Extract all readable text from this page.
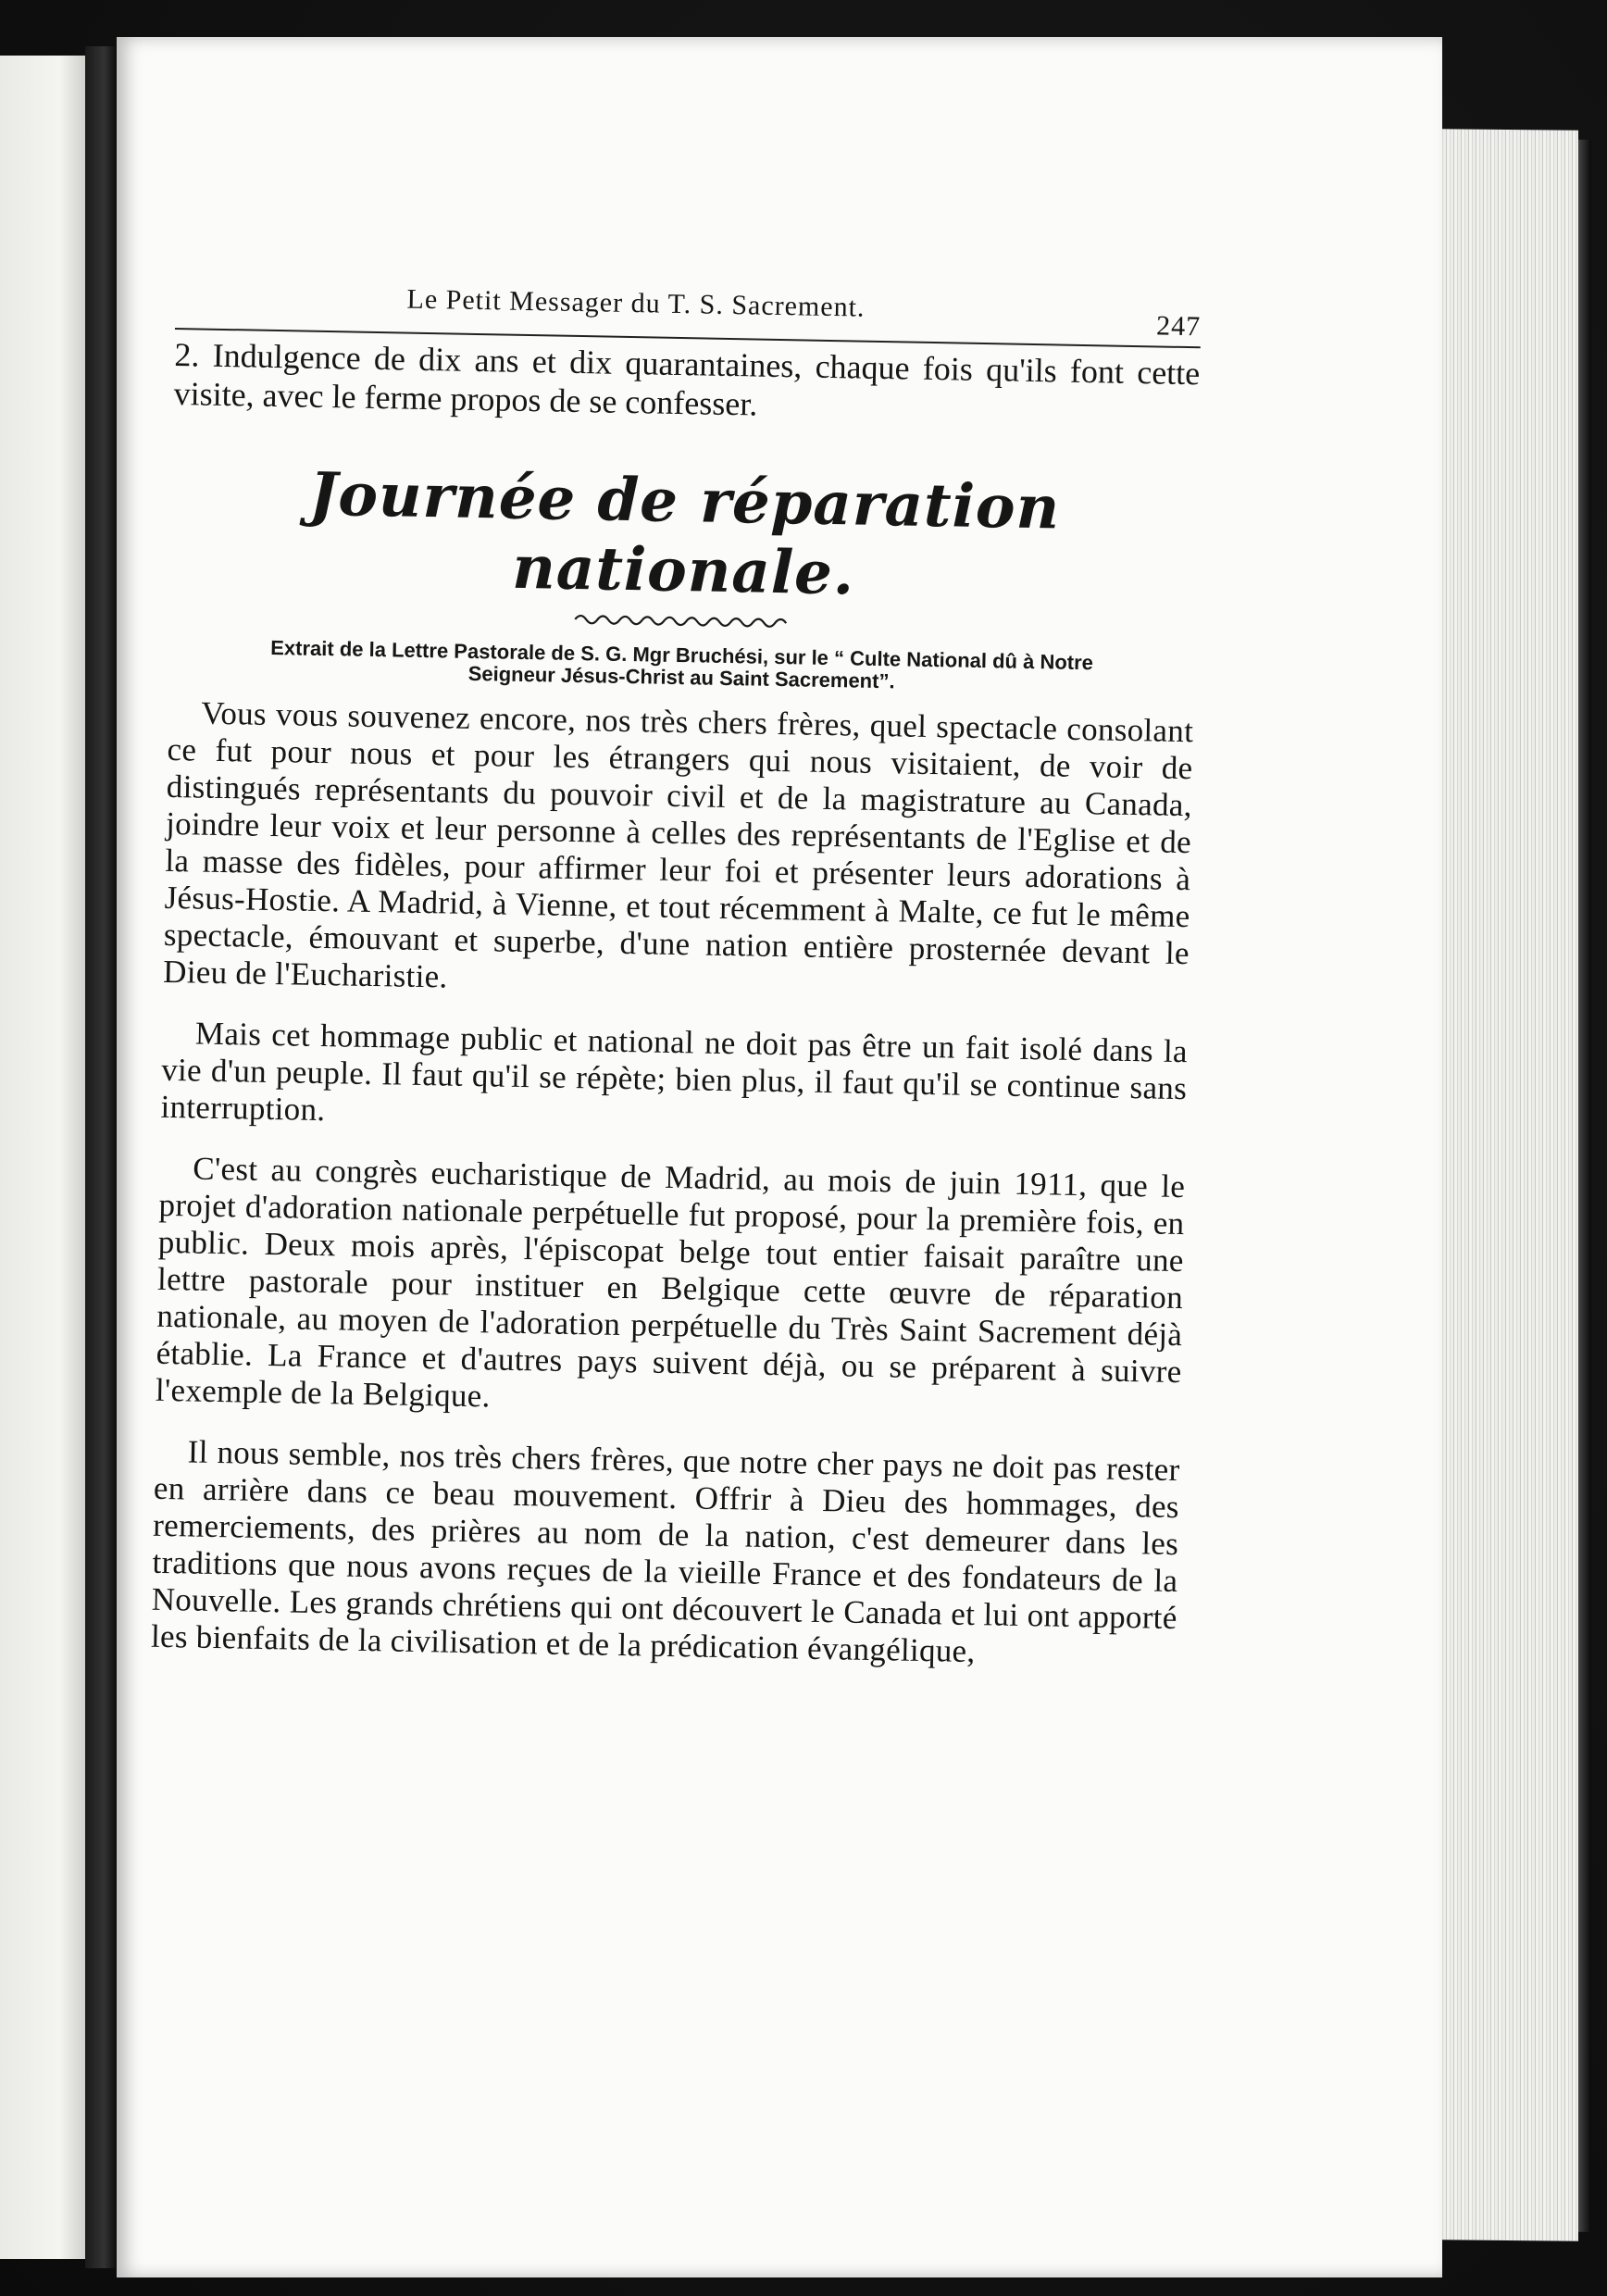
Le Petit Messager du T. S. Sacrement.
247

2. Indulgence de dix ans et dix quarantaines, chaque fois qu'ils font cette visite, avec le ferme propos de se confesser.

Journée de réparation nationale.
Extrait de la Lettre Pastorale de S. G. Mgr Bruchési, sur le “ Culte National dû à Notre Seigneur Jésus-Christ au Saint Sacrement”.

Vous vous souvenez encore, nos très chers frères, quel spectacle consolant ce fut pour nous et pour les étrangers qui nous visitaient, de voir de distingués représentants du pouvoir civil et de la magistrature au Canada, joindre leur voix et leur personne à celles des représentants de l'Eglise et de la masse des fidèles, pour affirmer leur foi et présenter leurs adorations à Jésus-Hostie. A Madrid, à Vienne, et tout récemment à Malte, ce fut le même spectacle, émouvant et superbe, d'une nation entière prosternée devant le Dieu de l'Eucharistie.

Mais cet hommage public et national ne doit pas être un fait isolé dans la vie d'un peuple. Il faut qu'il se répète; bien plus, il faut qu'il se continue sans interruption.

C'est au congrès eucharistique de Madrid, au mois de juin 1911, que le projet d'adoration nationale perpétuelle fut proposé, pour la première fois, en public. Deux mois après, l'épiscopat belge tout entier faisait paraître une lettre pastorale pour instituer en Belgique cette œuvre de réparation nationale, au moyen de l'adoration perpétuelle du Très Saint Sacrement déjà établie. La France et d'autres pays suivent déjà, ou se préparent à suivre l'exemple de la Belgique.

Il nous semble, nos très chers frères, que notre cher pays ne doit pas rester en arrière dans ce beau mouvement. Offrir à Dieu des hommages, des remerciements, des prières au nom de la nation, c'est demeurer dans les traditions que nous avons reçues de la vieille France et des fondateurs de la Nouvelle. Les grands chrétiens qui ont découvert le Canada et lui ont apporté les bienfaits de la civilisation et de la prédication évangélique,
